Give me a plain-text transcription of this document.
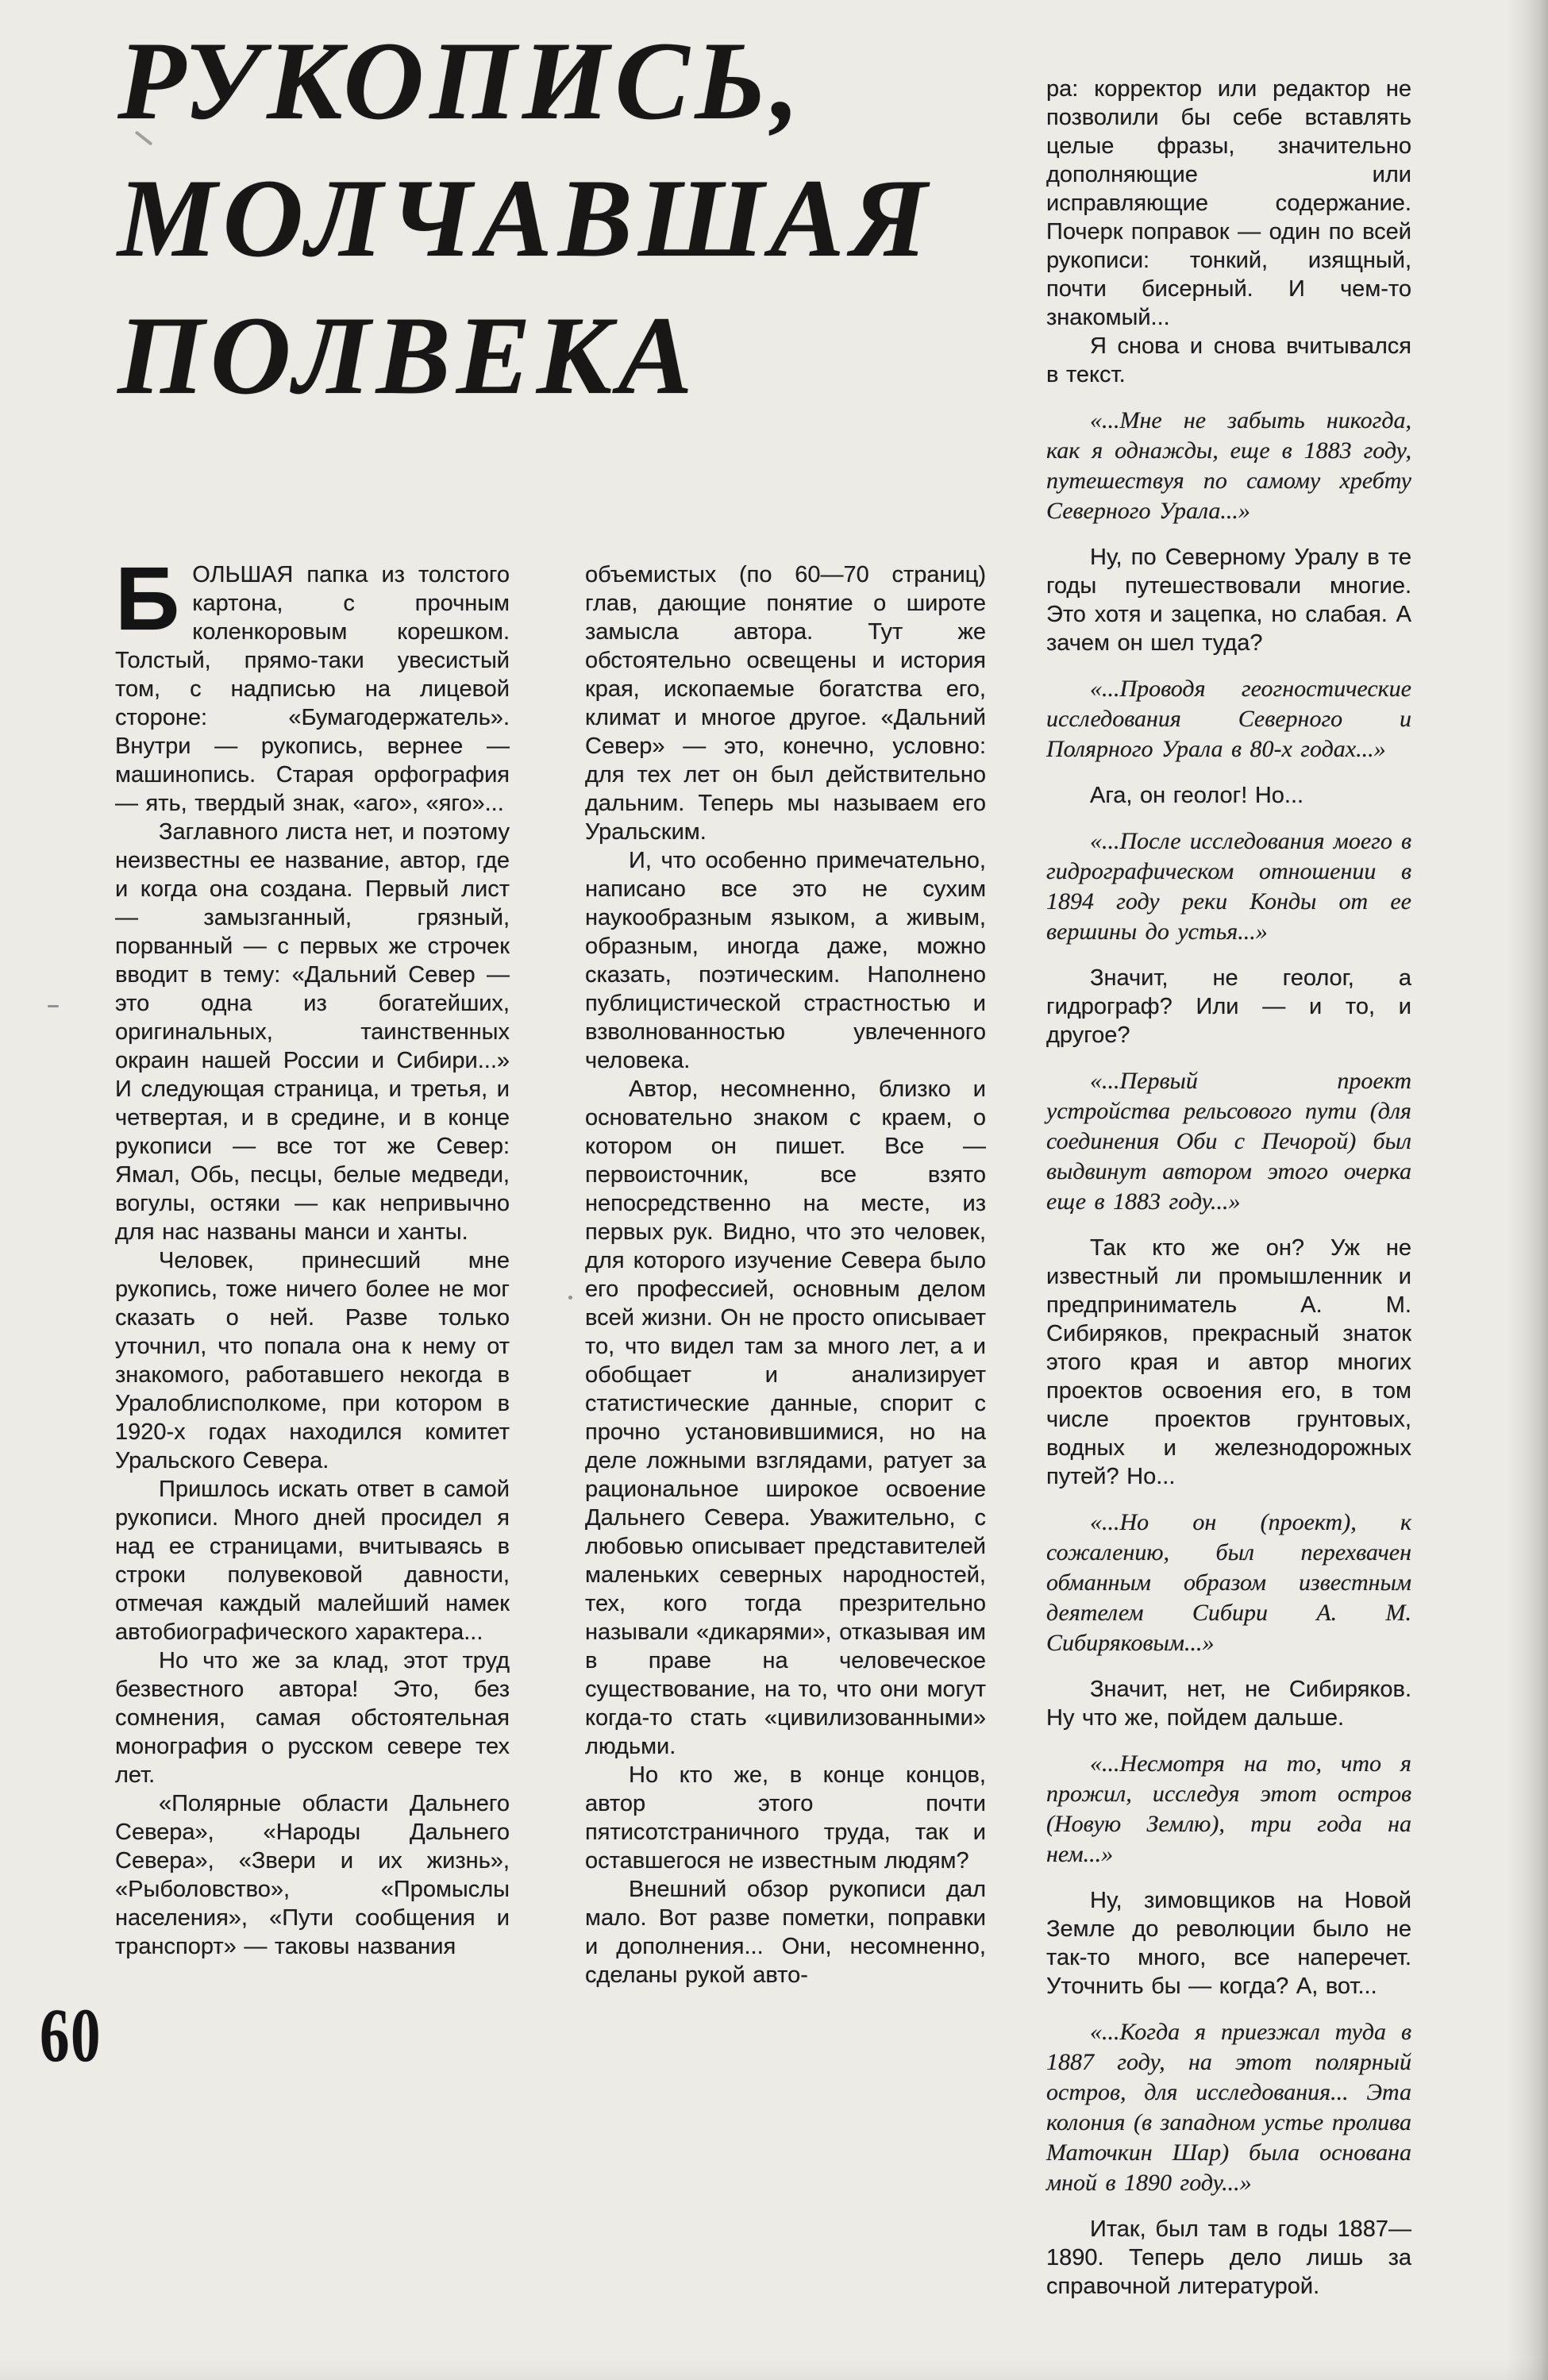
РУКОПИСЬ,
МОЛЧАВШАЯ
ПОЛВЕКА

БОЛЬШАЯ папка из толстого картона, с прочным коленкоровым корешком. Толстый, прямо-таки увесистый том, с надписью на лицевой стороне: «Бумагодержатель». Внутри — рукопись, вернее — машинопись. Старая орфография — ять, твердый знак, «аго», «яго»...

Заглавного листа нет, и поэтому неизвестны ее название, автор, где и когда она создана. Первый лист — замызганный, грязный, порванный — с первых же строчек вводит в тему: «Дальний Север — это одна из богатейших, оригинальных, таинственных окраин нашей России и Сибири...» И следующая страница, и третья, и четвертая, и в средине, и в конце рукописи — все тот же Север: Ямал, Обь, песцы, белые медведи, вогулы, остяки — как непривычно для нас названы манси и ханты.

Человек, принесший мне рукопись, тоже ничего более не мог сказать о ней. Разве только уточнил, что попала она к нему от знакомого, работавшего некогда в Уралоблисполкоме, при котором в 1920-х годах находился комитет Уральского Севера.

Пришлось искать ответ в самой рукописи. Много дней просидел я над ее страницами, вчитываясь в строки полувековой давности, отмечая каждый малейший намек автобиографического характера...

Но что же за клад, этот труд безвестного автора! Это, без сомнения, самая обстоятельная монография о русском севере тех лет.

«Полярные области Дальнего Севера», «Народы Дальнего Севера», «Звери и их жизнь», «Рыболовство», «Промыслы населения», «Пути сообщения и транспорт» — таковы названия

объемистых (по 60—70 страниц) глав, дающие понятие о широте замысла автора. Тут же обстоятельно освещены и история края, ископаемые богатства его, климат и многое другое. «Дальний Север» — это, конечно, условно: для тех лет он был действительно дальним. Теперь мы называем его Уральским.

И, что особенно примечательно, написано все это не сухим наукообразным языком, а живым, образным, иногда даже, можно сказать, поэтическим. Наполнено публицистической страстностью и взволнованностью увлеченного человека.

Автор, несомненно, близко и основательно знаком с краем, о котором он пишет. Все — первоисточник, все взято непосредственно на месте, из первых рук. Видно, что это человек, для которого изучение Севера было его профессией, основным делом всей жизни. Он не просто описывает то, что видел там за много лет, а и обобщает и анализирует статистические данные, спорит с прочно установившимися, но на деле ложными взглядами, ратует за рациональное широкое освоение Дальнего Севера. Уважительно, с любовью описывает представителей маленьких северных народностей, тех, кого тогда презрительно называли «дикарями», отказывая им в праве на человеческое существование, на то, что они могут когда-то стать «цивилизованными» людьми.

Но кто же, в конце концов, автор этого почти пятисотстраничного труда, так и оставшегося не известным людям?

Внешний обзор рукописи дал мало. Вот разве пометки, поправки и дополнения... Они, несомненно, сделаны рукой авто-

ра: корректор или редактор не позволили бы себе вставлять целые фразы, значительно дополняющие или исправляющие содержание. Почерк поправок — один по всей рукописи: тонкий, изящный, почти бисерный. И чем-то знакомый...

Я снова и снова вчитывался в текст.

«...Мне не забыть никогда, как я однажды, еще в 1883 году, путешествуя по самому хребту Северного Урала...»

Ну, по Северному Уралу в те годы путешествовали многие. Это хотя и зацепка, но слабая. А зачем он шел туда?

«...Проводя геогностические исследования Северного и Полярного Урала в 80-х годах...»

Ага, он геолог! Но...

«...После исследования моего в гидрографическом отношении в 1894 году реки Конды от ее вершины до устья...»

Значит, не геолог, а гидрограф? Или — и то, и другое?

«...Первый проект устройства рельсового пути (для соединения Оби с Печорой) был выдвинут автором этого очерка еще в 1883 году...»

Так кто же он? Уж не известный ли промышленник и предприниматель А. М. Сибиряков, прекрасный знаток этого края и автор многих проектов освоения его, в том числе проектов грунтовых, водных и железнодорожных путей? Но...

«...Но он (проект), к сожалению, был перехвачен обманным образом известным деятелем Сибири А. М. Сибиряковым...»

Значит, нет, не Сибиряков. Ну что же, пойдем дальше.

«...Несмотря на то, что я прожил, исследуя этот остров (Новую Землю), три года на нем...»

Ну, зимовщиков на Новой Земле до революции было не так-то много, все наперечет. Уточнить бы — когда? А, вот...

«...Когда я приезжал туда в 1887 году, на этот полярный остров, для исследования... Эта колония (в западном устье пролива Маточкин Шар) была основана мной в 1890 году...»

Итак, был там в годы 1887—1890. Теперь дело лишь за справочной литературой.

60
